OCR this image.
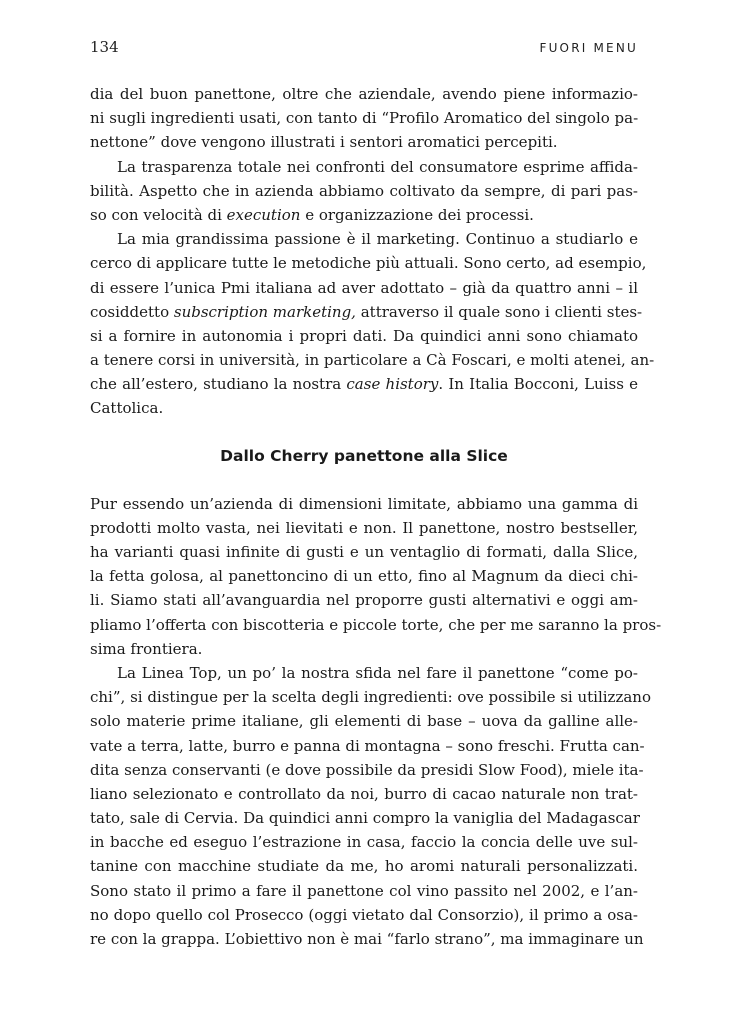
134	FUORI MENU
dia del buon panettone, oltre che aziendale, avendo piene informazio-
ni sugli ingredienti usati, con tanto di “Profilo Aromatico del singolo pa-
nettone” dove vengono illustrati i sentori aromatici percepiti.
La trasparenza totale nei confronti del consumatore esprime affida-
bilità. Aspetto che in azienda abbiamo coltivato da sempre, di pari pas-
so con velocità di execution e organizzazione dei processi.
La mia grandissima passione è il marketing. Continuo a studiarlo e
cerco di applicare tutte le metodiche più attuali. Sono certo, ad esempio,
di essere l’unica Pmi italiana ad aver adottato – già da quattro anni – il
cosiddetto subscription marketing, attraverso il quale sono i clienti stes-
si a fornire in autonomia i propri dati. Da quindici anni sono chiamato
a tenere corsi in università, in particolare a Cà Foscari, e molti atenei, an-
che all’estero, studiano la nostra case history. In Italia Bocconi, Luiss e
Cattolica.
Dallo Cherry panettone alla Slice
Pur essendo un’azienda di dimensioni limitate, abbiamo una gamma di
prodotti molto vasta, nei lievitati e non. Il panettone, nostro bestseller,
ha varianti quasi infinite di gusti e un ventaglio di formati, dalla Slice,
la fetta golosa, al panettoncino di un etto, fino al Magnum da dieci chi-
li. Siamo stati all’avanguardia nel proporre gusti alternativi e oggi am-
pliamo l’offerta con biscotteria e piccole torte, che per me saranno la pros-
sima frontiera.
La Linea Top, un po’ la nostra sfida nel fare il panettone “come po-
chi”, si distingue per la scelta degli ingredienti: ove possibile si utilizzano
solo materie prime italiane, gli elementi di base – uova da galline alle-
vate a terra, latte, burro e panna di montagna – sono freschi. Frutta can-
dita senza conservanti (e dove possibile da presidi Slow Food), miele ita-
liano selezionato e controllato da noi, burro di cacao naturale non trat-
tato, sale di Cervia. Da quindici anni compro la vaniglia del Madagascar
in bacche ed eseguo l’estrazione in casa, faccio la concia delle uve sul-
tanine con macchine studiate da me, ho aromi naturali personalizzati.
Sono stato il primo a fare il panettone col vino passito nel 2002, e l’an-
no dopo quello col Prosecco (oggi vietato dal Consorzio), il primo a osa-
re con la grappa. L’obiettivo non è mai “farlo strano”, ma immaginare un
